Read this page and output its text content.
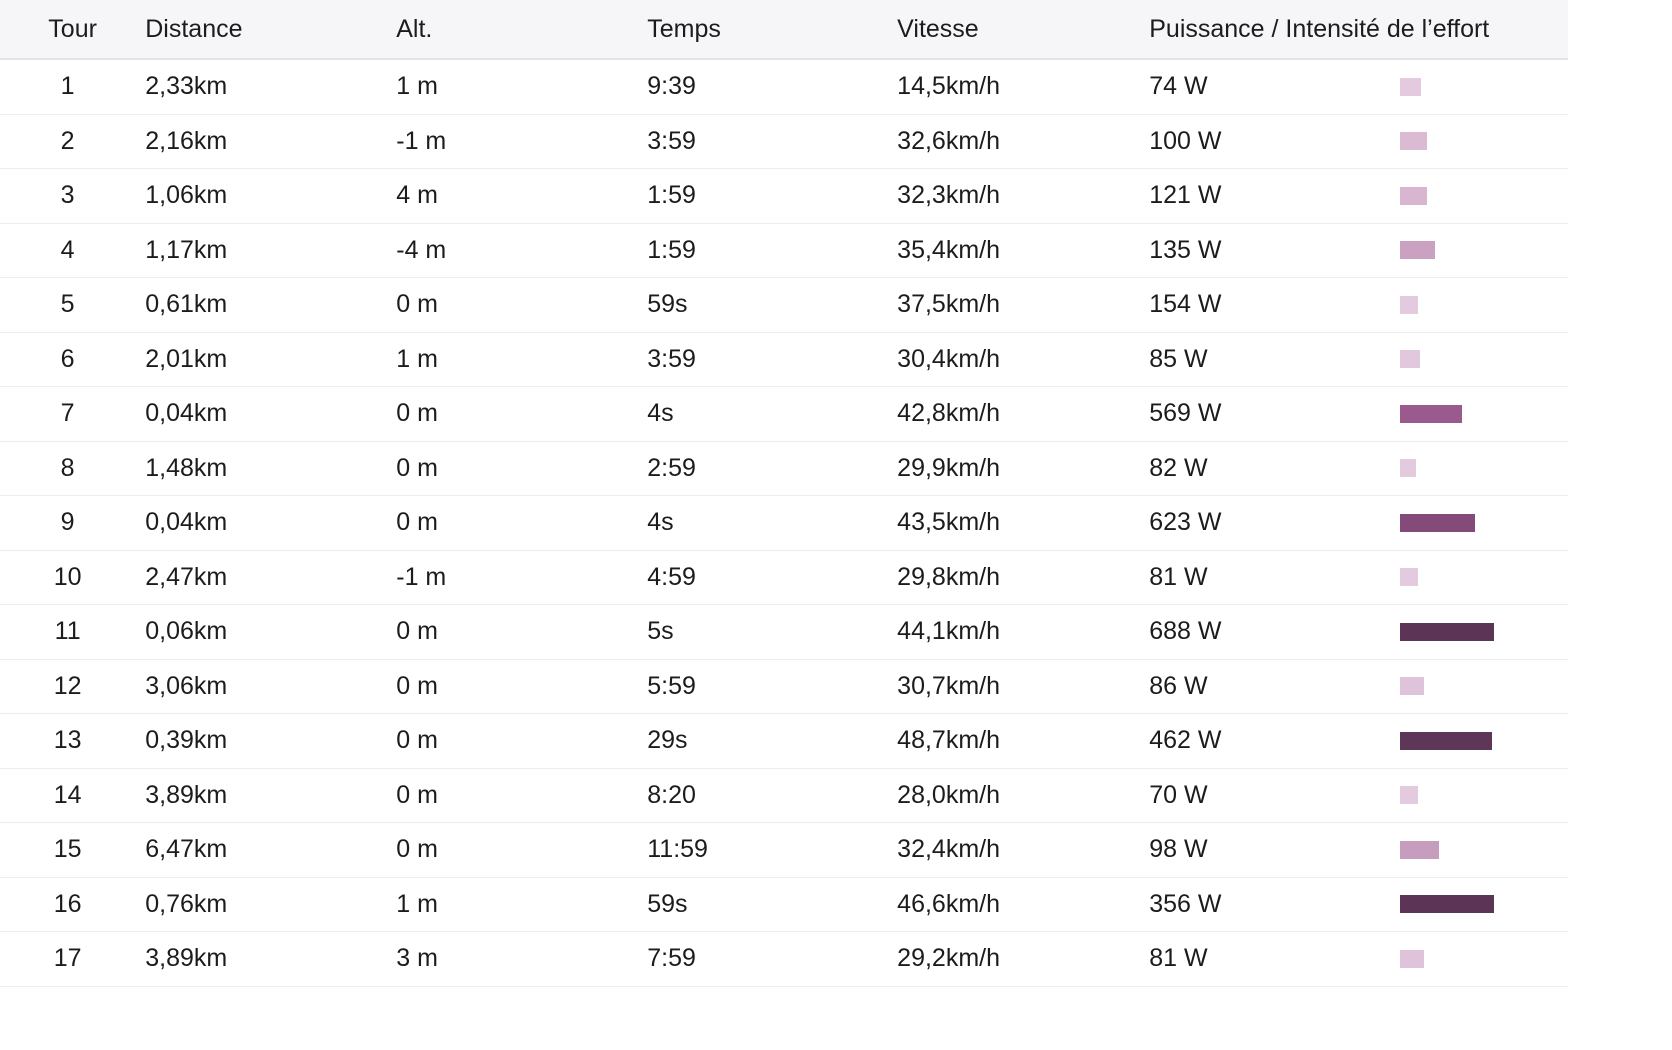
Tour	Distance	Alt.	Temps	Vitesse	Puissance / Intensité de l’effort	
1	2,33km	1 m	9:39	14,5km/h	74 W	

2	2,16km	-1 m	3:59	32,6km/h	100 W	

3	1,06km	4 m	1:59	32,3km/h	121 W	

4	1,17km	-4 m	1:59	35,4km/h	135 W	

5	0,61km	0 m	59s	37,5km/h	154 W	

6	2,01km	1 m	3:59	30,4km/h	85 W	

7	0,04km	0 m	4s	42,8km/h	569 W	

8	1,48km	0 m	2:59	29,9km/h	82 W	

9	0,04km	0 m	4s	43,5km/h	623 W	

10	2,47km	-1 m	4:59	29,8km/h	81 W	

11	0,06km	0 m	5s	44,1km/h	688 W	

12	3,06km	0 m	5:59	30,7km/h	86 W	

13	0,39km	0 m	29s	48,7km/h	462 W	

14	3,89km	0 m	8:20	28,0km/h	70 W	

15	6,47km	0 m	11:59	32,4km/h	98 W	

16	0,76km	1 m	59s	46,6km/h	356 W	

17	3,89km	3 m	7:59	29,2km/h	81 W	
